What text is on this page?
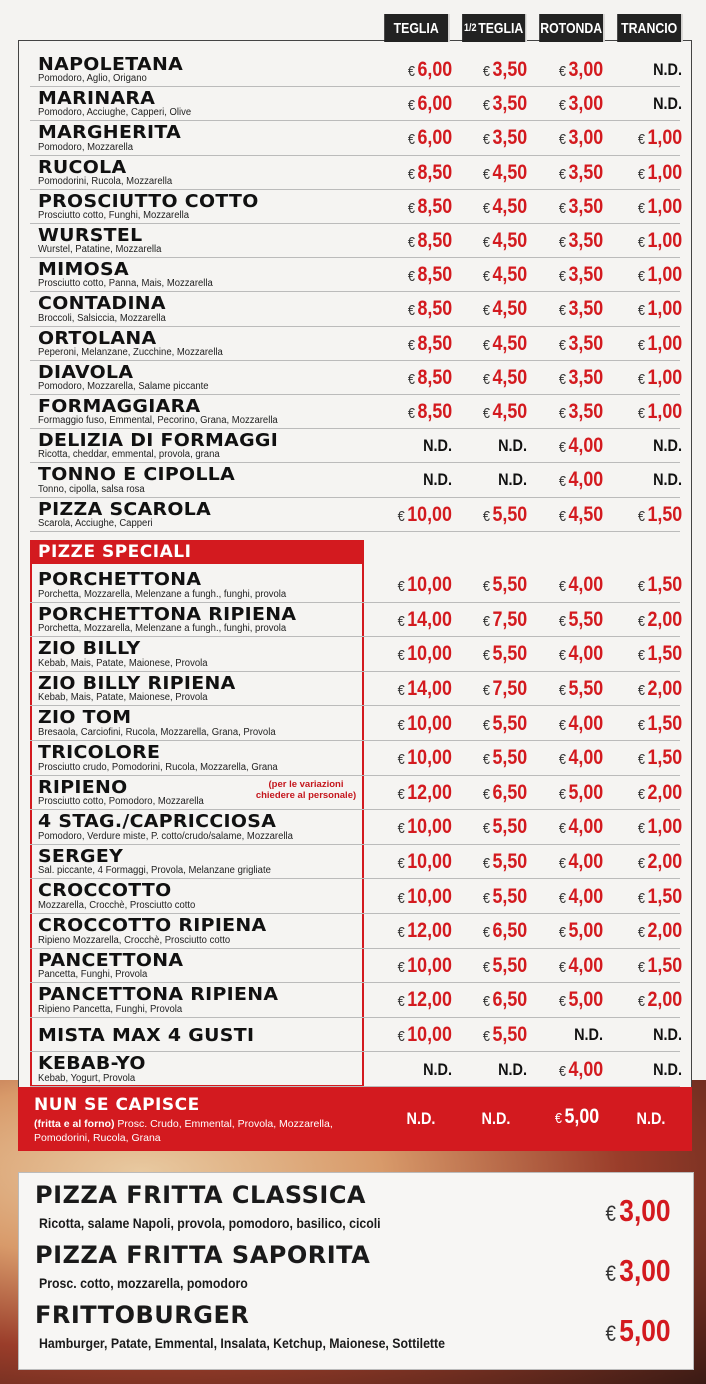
TEGLIA 1/2 TEGLIA ROTONDA TRANCIO
NAPOLETANA
Pomodoro, Aglio, Origano	€ 6,00 € 3,50 € 3,00	N.D.
MARINARA
Pomodoro, Acciughe, Capperi, Olive	€ 6,00 € 3,50 € 3,00	N.D.
MARGHERITA
Pomodoro, Mozzarella	€ 6,00 € 3,50 € 3,00 € 1,00
RUCOLA
Pomodorini, Rucola, Mozzarella	€ 8,50 € 4,50 € 3,50 € 1,00
PROSCIUTTO COTTO
Prosciutto cotto, Funghi, Mozzarella	€ 8,50 € 4,50 € 3,50 € 1,00
WURSTEL
Wurstel, Patatine, Mozzarella	€ 8,50 € 4,50 € 3,50 € 1,00
MIMOSA
Prosciutto cotto, Panna, Mais, Mozzarella	€ 8,50 € 4,50 € 3,50 € 1,00
CONTADINA
Broccoli, Salsiccia, Mozzarella	€ 8,50 € 4,50 € 3,50 € 1,00
ORTOLANA
Peperoni, Melanzane, Zucchine, Mozzarella	€ 8,50 € 4,50 € 3,50 € 1,00
DIAVOLA
Pomodoro, Mozzarella, Salame piccante	€ 8,50 € 4,50 € 3,50 € 1,00
FORMAGGIARA
Formaggio fuso, Emmental, Pecorino, Grana, Mozzarella	€ 8,50 € 4,50 € 3,50 € 1,00
DELIZIA DI FORMAGGI
Ricotta, cheddar, emmental, provola, grana	N.D.	N.D. € 4,00	N.D.
TONNO E CIPOLLA
Tonno, cipolla, salsa rosa	N.D.	N.D. € 4,00	N.D.
PIZZA SCAROLA
Scarola, Acciughe, Capperi	€ 10,00 € 5,50 € 4,50 € 1,50
PIZZE SPECIALI
PORCHETTONA
Porchetta, Mozzarella, Melenzane a fungh., funghi, provola	€ 10,00 € 5,50 € 4,00 € 1,50
PORCHETTONA RIPIENA
Porchetta, Mozzarella, Melenzane a fungh., funghi, provola	€ 14,00 € 7,50 € 5,50 € 2,00
ZIO BILLY
Kebab, Mais, Patate, Maionese, Provola	€ 10,00 € 5,50 € 4,00 € 1,50
ZIO BILLY RIPIENA
Kebab, Mais, Patate, Maionese, Provola	€ 14,00 € 7,50 € 5,50 € 2,00
ZIO TOM
Bresaola, Carciofini, Rucola, Mozzarella, Grana, Provola	€ 10,00 € 5,50 € 4,00 € 1,50
TRICOLORE
Prosciutto crudo, Pomodorini, Rucola, Mozzarella, Grana	€ 10,00 € 5,50 € 4,00 € 1,50
RIPIENO
Prosciutto cotto, Pomodoro, Mozzarella
(per le variazioni chiedere al personale)	€ 12,00 € 6,50 € 5,00 € 2,00
4 STAG./CAPRICCIOSA
Pomodoro, Verdure miste, P. cotto/crudo/salame, Mozzarella	€ 10,00 € 5,50 € 4,00 € 1,00
SERGEY
Sal. piccante, 4 Formaggi, Provola, Melanzane grigliate	€ 10,00 € 5,50 € 4,00 € 2,00
CROCCOTTO
Mozzarella, Crocchè, Prosciutto cotto	€ 10,00 € 5,50 € 4,00 € 1,50
CROCCOTTO RIPIENA
Ripieno Mozzarella, Crocchè, Prosciutto cotto	€ 12,00 € 6,50 € 5,00 € 2,00
PANCETTONA
Pancetta, Funghi, Provola	€ 10,00 € 5,50 € 4,00 € 1,50
PANCETTONA RIPIENA
Ripieno Pancetta, Funghi, Provola	€ 12,00 € 6,50 € 5,00 € 2,00
MISTA MAX 4 GUSTI	€ 10,00 € 5,50	N.D.	N.D.
KEBAB-YO
Kebab, Yogurt, Provola	N.D.	N.D. € 4,00	N.D.
NUN SE CAPISCE
(fritta e al forno) Prosc. Crudo, Emmental, Provola, Mozzarella, Pomodorini, Rucola, Grana
N.D.	N.D.	€ 5,00 N.D.
PIZZA FRITTA CLASSICA
Ricotta, salame Napoli, provola, pomodoro, basilico, cicoli	€ 3,00
PIZZA FRITTA SAPORITA
Prosc. cotto, mozzarella, pomodoro	€ 3,00
FRITTOBURGER
Hamburger, Patate, Emmental, Insalata, Ketchup, Maionese, Sottilette	€ 5,00
